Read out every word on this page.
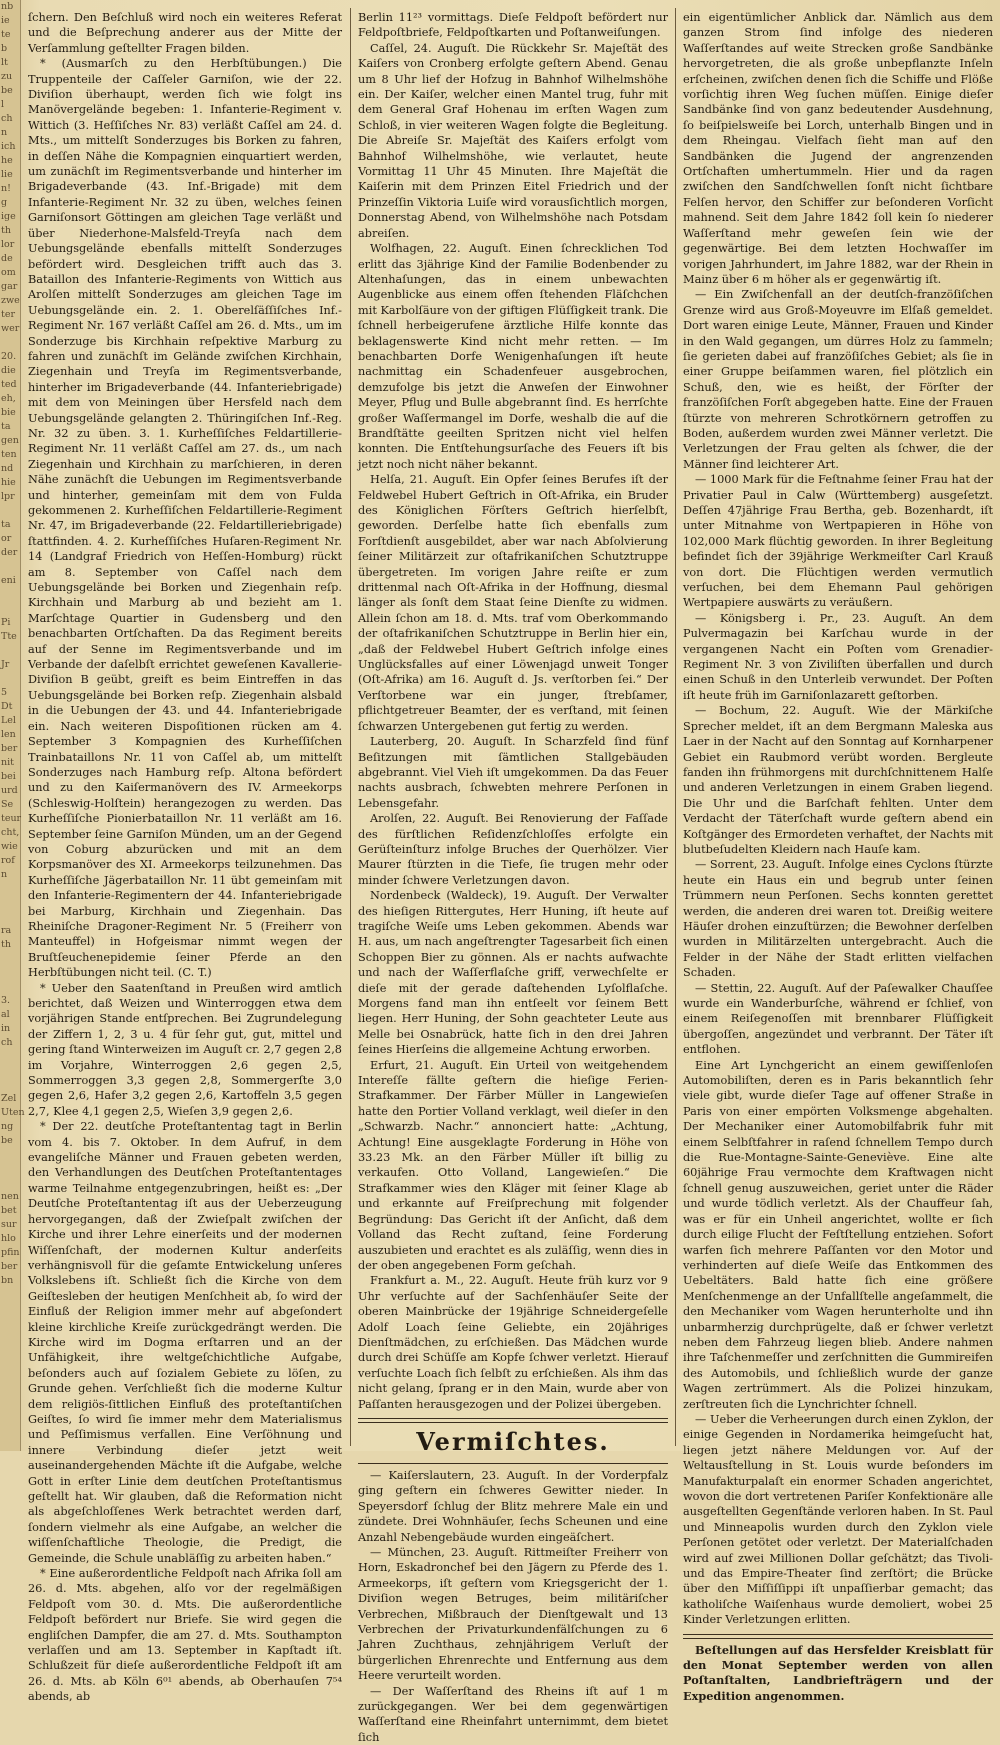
nb
ie
te
b
lt
zu
be
l
ch
n
ich
he
lie
n!
g
ige
th
lor
de
om
gar
zwe
ter
wer

20.
die
ted
eh,
bie
ta
gen
ten
nd
hie
lpr

ta
or
der

eni

Pi
Tte

Jr

5
Dt
Lel
len
ber
nit
bei
urd
Se
teur
cht,
wie
rof
n

ra
th

3.
al
in
ch

Zel
Uten
ng
be

nen
bet
sur
hlo
pfin
ber
bn

ſchern. Den Beſchluß wird noch ein weiteres Referat und die Beſprechung anderer aus der Mitte der Verſammlung geſtellter Fragen bilden.

* (Ausmarſch zu den Herbſtübungen.) Die Truppenteile der Caſſeler Garniſon, wie der 22. Diviſion überhaupt, werden ſich wie folgt ins Manövergelände begeben: 1. Infanterie-Regiment v. Wittich (3. Heſſiſches Nr. 83) verläßt Caſſel am 24. d. Mts., um mittelſt Sonderzuges bis Borken zu fahren, in deſſen Nähe die Kompagnien einquartiert werden, um zunächſt im Regimentsverbande und hinterher im Brigadeverbande (43. Inf.-Brigade) mit dem Infanterie-Regiment Nr. 32 zu üben, welches ſeinen Garniſonsort Göttingen am gleichen Tage verläßt und über Niederhone-Malsfeld-Treyſa nach dem Uebungsgelände ebenfalls mittelſt Sonderzuges befördert wird. Desgleichen trifft auch das 3. Bataillon des Infanterie-Regiments von Wittich aus Arolſen mittelſt Sonderzuges am gleichen Tage im Uebungsgelände ein. 2. 1. Oberelſäſſiſches Inf.-Regiment Nr. 167 verläßt Caſſel am 26. d. Mts., um im Sonderzuge bis Kirchhain reſpektive Marburg zu fahren und zunächſt im Gelände zwiſchen Kirchhain, Ziegenhain und Treyſa im Regimentsverbande, hinterher im Brigadeverbande (44. Infanteriebrigade) mit dem von Meiningen über Hersfeld nach dem Uebungsgelände gelangten 2. Thüringiſchen Inf.-Reg. Nr. 32 zu üben. 3. 1. Kurheſſiſches Feldartillerie-Regiment Nr. 11 verläßt Caſſel am 27. ds., um nach Ziegenhain und Kirchhain zu marſchieren, in deren Nähe zunächſt die Uebungen im Regimentsverbande und hinterher, gemeinſam mit dem von Fulda gekommenen 2. Kurheſſiſchen Feldartillerie-Regiment Nr. 47, im Brigadeverbande (22. Feldartilleriebrigade) ſtattfinden. 4. 2. Kurheſſiſches Huſaren-Regiment Nr. 14 (Landgraf Friedrich von Heſſen-Homburg) rückt am 8. September von Caſſel nach dem Uebungsgelände bei Borken und Ziegenhain reſp. Kirchhain und Marburg ab und bezieht am 1. Marſchtage Quartier in Gudensberg und den benachbarten Ortſchaften. Da das Regiment bereits auf der Senne im Regimentsverbande und im Verbande der daſelbſt errichtet geweſenen Kavallerie-Diviſion B geübt, greift es beim Eintreffen in das Uebungsgelände bei Borken reſp. Ziegenhain alsbald in die Uebungen der 43. und 44. Infanteriebrigade ein. Nach weiteren Dispoſitionen rücken am 4. September 3 Kompagnien des Kurheſſiſchen Trainbataillons Nr. 11 von Caſſel ab, um mittelſt Sonderzuges nach Hamburg reſp. Altona befördert und zu den Kaiſermanövern des IV. Armeekorps (Schleswig-Holſtein) herangezogen zu werden. Das Kurheſſiſche Pionierbataillon Nr. 11 verläßt am 16. September ſeine Garniſon Münden, um an der Gegend von Coburg abzurücken und mit an dem Korpsmanöver des XI. Armeekorps teilzunehmen. Das Kurheſſiſche Jägerbataillon Nr. 11 übt gemeinſam mit den Infanterie-Regimentern der 44. Infanteriebrigade bei Marburg, Kirchhain und Ziegenhain. Das Rheiniſche Dragoner-Regiment Nr. 5 (Freiherr von Manteuffel) in Hofgeismar nimmt wegen der Bruſtſeuchenepidemie ſeiner Pferde an den Herbſtübungen nicht teil. (C. T.)

* Ueber den Saatenſtand in Preußen wird amtlich berichtet, daß Weizen und Winterroggen etwa dem vorjährigen Stande entſprechen. Bei Zugrundelegung der Ziffern 1, 2, 3 u. 4 für ſehr gut, gut, mittel und gering ſtand Winterweizen im Auguſt cr. 2,7 gegen 2,8 im Vorjahre, Winterroggen 2,6 gegen 2,5, Sommerroggen 3,3 gegen 2,8, Sommergerſte 3,0 gegen 2,6, Hafer 3,2 gegen 2,6, Kartoffeln 3,5 gegen 2,7, Klee 4,1 gegen 2,5, Wieſen 3,9 gegen 2,6.

* Der 22. deutſche Proteſtantentag tagt in Berlin vom 4. bis 7. Oktober. In dem Aufruf, in dem evangeliſche Männer und Frauen gebeten werden, den Verhandlungen des Deutſchen Proteſtantentages warme Teilnahme entgegenzubringen, heißt es: „Der Deutſche Proteſtantentag iſt aus der Ueberzeugung hervorgegangen, daß der Zwieſpalt zwiſchen der Kirche und ihrer Lehre einerſeits und der modernen Wiſſenſchaft, der modernen Kultur anderſeits verhängnisvoll für die geſamte Entwickelung unſeres Volkslebens iſt. Schließt ſich die Kirche von dem Geiſtesleben der heutigen Menſchheit ab, ſo wird der Einfluß der Religion immer mehr auf abgeſondert kleine kirchliche Kreiſe zurückgedrängt werden. Die Kirche wird im Dogma erſtarren und an der Unfähigkeit, ihre weltgeſchichtliche Aufgabe, beſonders auch auf ſozialem Gebiete zu löſen, zu Grunde gehen. Verſchließt ſich die moderne Kultur dem religiös-ſittlichen Einfluß des proteſtantiſchen Geiſtes, ſo wird ſie immer mehr dem Materialismus und Peſſimismus verfallen. Eine Verſöhnung und innere Verbindung dieſer jetzt weit auseinandergehenden Mächte iſt die Aufgabe, welche Gott in erſter Linie dem deutſchen Proteſtantismus geſtellt hat. Wir glauben, daß die Reformation nicht als abgeſchloſſenes Werk betrachtet werden darf, ſondern vielmehr als eine Aufgabe, an welcher die wiſſenſchaftliche Theologie, die Predigt, die Gemeinde, die Schule unabläſſig zu arbeiten haben.“

* Eine außerordentliche Feldpoſt nach Afrika ſoll am 26. d. Mts. abgehen, alſo vor der regelmäßigen Feldpoſt vom 30. d. Mts. Die außerordentliche Feldpoſt befördert nur Briefe. Sie wird gegen die engliſchen Dampfer, die am 27. d. Mts. Southampton verlaſſen und am 13. September in Kapſtadt iſt. Schlußzeit für dieſe außerordentliche Feldpoſt iſt am 26. d. Mts. ab Köln 6⁰¹ abends, ab Oberhauſen 7⁵⁴ abends, ab

Berlin 11²³ vormittags. Dieſe Feldpoſt befördert nur Feldpoſtbriefe, Feldpoſtkarten und Poſtanweiſungen.

Caſſel, 24. Auguſt. Die Rückkehr Sr. Majeſtät des Kaiſers von Cronberg erfolgte geſtern Abend. Genau um 8 Uhr lief der Hofzug in Bahnhof Wilhelmshöhe ein. Der Kaiſer, welcher einen Mantel trug, fuhr mit dem General Graf Hohenau im erſten Wagen zum Schloß, in vier weiteren Wagen folgte die Begleitung. Die Abreiſe Sr. Majeſtät des Kaiſers erfolgt vom Bahnhof Wilhelmshöhe, wie verlautet, heute Vormittag 11 Uhr 45 Minuten. Ihre Majeſtät die Kaiſerin mit dem Prinzen Eitel Friedrich und der Prinzeſſin Viktoria Luiſe wird vorausſichtlich morgen, Donnerstag Abend, von Wilhelmshöhe nach Potsdam abreiſen.

Wolfhagen, 22. Auguſt. Einen ſchrecklichen Tod erlitt das 3jährige Kind der Familie Bodenbender zu Altenhaſungen, das in einem unbewachten Augenblicke aus einem offen ſtehenden Fläſchchen mit Karbolſäure von der giftigen Flüſſigkeit trank. Die ſchnell herbeigerufene ärztliche Hilfe konnte das beklagenswerte Kind nicht mehr retten. — Im benachbarten Dorfe Wenigenhaſungen iſt heute nachmittag ein Schadenfeuer ausgebrochen, demzufolge bis jetzt die Anweſen der Einwohner Meyer, Pflug und Bulle abgebrannt ſind. Es herrſchte großer Waſſermangel im Dorfe, weshalb die auf die Brandſtätte geeilten Spritzen nicht viel helfen konnten. Die Entſtehungsurſache des Feuers iſt bis jetzt noch nicht näher bekannt.

Helſa, 21. Auguſt. Ein Opfer ſeines Berufes iſt der Feldwebel Hubert Geſtrich in Oſt-Afrika, ein Bruder des Königlichen Förſters Geſtrich hierſelbſt, geworden. Derſelbe hatte ſich ebenfalls zum Forſtdienſt ausgebildet, aber war nach Abſolvierung ſeiner Militärzeit zur oſtafrikaniſchen Schutztruppe übergetreten. Im vorigen Jahre reiſte er zum drittenmal nach Oſt-Afrika in der Hoffnung, diesmal länger als ſonſt dem Staat ſeine Dienſte zu widmen. Allein ſchon am 18. d. Mts. traf vom Oberkommando der oſtafrikaniſchen Schutztruppe in Berlin hier ein, „daß der Feldwebel Hubert Geſtrich infolge eines Unglücksfalles auf einer Löwenjagd unweit Tonger (Oſt-Afrika) am 16. Auguſt d. Js. verſtorben ſei.“ Der Verſtorbene war ein junger, ſtrebſamer, pflichtgetreuer Beamter, der es verſtand, mit ſeinen ſchwarzen Untergebenen gut fertig zu werden.

Lauterberg, 20. Auguſt. In Scharzfeld ſind fünf Beſitzungen mit ſämtlichen Stallgebäuden abgebrannt. Viel Vieh iſt umgekommen. Da das Feuer nachts ausbrach, ſchwebten mehrere Perſonen in Lebensgefahr.

Arolſen, 22. Auguſt. Bei Renovierung der Faſſade des fürſtlichen Reſidenzſchloſſes erfolgte ein Gerüſteinſturz infolge Bruches der Querhölzer. Vier Maurer ſtürzten in die Tiefe, ſie trugen mehr oder minder ſchwere Verletzungen davon.

Nordenbeck (Waldeck), 19. Auguſt. Der Verwalter des hieſigen Rittergutes, Herr Huning, iſt heute auf tragiſche Weiſe ums Leben gekommen. Abends war H. aus, um nach angeſtrengter Tagesarbeit ſich einen Schoppen Bier zu gönnen. Als er nachts aufwachte und nach der Waſſerflaſche griff, verwechſelte er dieſe mit der gerade daſtehenden Lyſolflaſche. Morgens fand man ihn entſeelt vor ſeinem Bett liegen. Herr Huning, der Sohn geachteter Leute aus Melle bei Osnabrück, hatte ſich in den drei Jahren ſeines Hierſeins die allgemeine Achtung erworben.

Erfurt, 21. Auguſt. Ein Urteil von weitgehendem Intereſſe fällte geſtern die hieſige Ferien-Strafkammer. Der Färber Müller in Langewieſen hatte den Portier Volland verklagt, weil dieſer in den „Schwarzb. Nachr.“ annonciert hatte: „Achtung, Achtung! Eine ausgeklagte Forderung in Höhe von 33.23 Mk. an den Färber Müller iſt billig zu verkaufen. Otto Volland, Langewieſen.“ Die Strafkammer wies den Kläger mit ſeiner Klage ab und erkannte auf Freiſprechung mit folgender Begründung: Das Gericht iſt der Anſicht, daß dem Volland das Recht zuſtand, ſeine Forderung auszubieten und erachtet es als zuläſſig, wenn dies in der oben angegebenen Form geſchah.

Frankfurt a. M., 22. Auguſt. Heute früh kurz vor 9 Uhr verſuchte auf der Sachſenhäuſer Seite der oberen Mainbrücke der 19jährige Schneidergeſelle Adolf Loach ſeine Geliebte, ein 20jähriges Dienſtmädchen, zu erſchießen. Das Mädchen wurde durch drei Schüſſe am Kopfe ſchwer verletzt. Hierauf verſuchte Loach ſich ſelbſt zu erſchießen. Als ihm das nicht gelang, ſprang er in den Main, wurde aber von Paſſanten herausgezogen und der Polizei übergeben.

Vermiſchtes.

— Kaiſerslautern, 23. Auguſt. In der Vorderpfalz ging geſtern ein ſchweres Gewitter nieder. In Speyersdorf ſchlug der Blitz mehrere Male ein und zündete. Drei Wohnhäuſer, ſechs Scheunen und eine Anzahl Nebengebäude wurden eingeäſchert.

— München, 23. Auguſt. Rittmeiſter Freiherr von Horn, Eskadronchef bei den Jägern zu Pferde des 1. Armeekorps, iſt geſtern vom Kriegsgericht der 1. Diviſion wegen Betruges, beim militäriſcher Verbrechen, Mißbrauch der Dienſtgewalt und 13 Verbrechen der Privaturkundenfälſchungen zu 6 Jahren Zuchthaus, zehnjährigem Verluſt der bürgerlichen Ehrenrechte und Entfernung aus dem Heere verurteilt worden.

— Der Waſſerſtand des Rheins iſt auf 1 m zurückgegangen. Wer bei dem gegenwärtigen Waſſerſtand eine Rheinfahrt unternimmt, dem bietet ſich

ein eigentümlicher Anblick dar. Nämlich aus dem ganzen Strom ſind infolge des niederen Waſſerſtandes auf weite Strecken große Sandbänke hervorgetreten, die als große unbepflanzte Inſeln erſcheinen, zwiſchen denen ſich die Schiffe und Flöße vorſichtig ihren Weg ſuchen müſſen. Einige dieſer Sandbänke ſind von ganz bedeutender Ausdehnung, ſo beiſpielsweiſe bei Lorch, unterhalb Bingen und in dem Rheingau. Vielfach ſieht man auf den Sandbänken die Jugend der angrenzenden Ortſchaften umhertummeln. Hier und da ragen zwiſchen den Sandſchwellen ſonſt nicht ſichtbare Felſen hervor, den Schiffer zur beſonderen Vorſicht mahnend. Seit dem Jahre 1842 ſoll kein ſo niederer Waſſerſtand mehr geweſen ſein wie der gegenwärtige. Bei dem letzten Hochwaſſer im vorigen Jahrhundert, im Jahre 1882, war der Rhein in Mainz über 6 m höher als er gegenwärtig iſt.

— Ein Zwiſchenfall an der deutſch-franzöſiſchen Grenze wird aus Groß-Moyeuvre im Elſaß gemeldet. Dort waren einige Leute, Männer, Frauen und Kinder in den Wald gegangen, um dürres Holz zu ſammeln; ſie gerieten dabei auf franzöſiſches Gebiet; als ſie in einer Gruppe beiſammen waren, fiel plötzlich ein Schuß, den, wie es heißt, der Förſter der franzöſiſchen Forſt abgegeben hatte. Eine der Frauen ſtürzte von mehreren Schrotkörnern getroffen zu Boden, außerdem wurden zwei Männer verletzt. Die Verletzungen der Frau gelten als ſchwer, die der Männer ſind leichterer Art.

— 1000 Mark für die Feſtnahme ſeiner Frau hat der Privatier Paul in Calw (Württemberg) ausgeſetzt. Deſſen 47jährige Frau Bertha, geb. Bozenhardt, iſt unter Mitnahme von Wertpapieren in Höhe von 102,000 Mark flüchtig geworden. In ihrer Begleitung befindet ſich der 39jährige Werkmeiſter Carl Krauß von dort. Die Flüchtigen werden vermutlich verſuchen, bei dem Ehemann Paul gehörigen Wertpapiere auswärts zu veräußern.

— Königsberg i. Pr., 23. Auguſt. An dem Pulvermagazin bei Karſchau wurde in der vergangenen Nacht ein Poſten vom Grenadier-Regiment Nr. 3 von Ziviliſten überfallen und durch einen Schuß in den Unterleib verwundet. Der Poſten iſt heute früh im Garniſonlazarett geſtorben.

— Bochum, 22. Auguſt. Wie der Märkiſche Sprecher meldet, iſt an dem Bergmann Maleska aus Laer in der Nacht auf den Sonntag auf Kornharpener Gebiet ein Raubmord verübt worden. Bergleute fanden ihn frühmorgens mit durchſchnittenem Halſe und anderen Verletzungen in einem Graben liegend. Die Uhr und die Barſchaft fehlten. Unter dem Verdacht der Täterſchaft wurde geſtern abend ein Koſtgänger des Ermordeten verhaftet, der Nachts mit blutbeſudelten Kleidern nach Hauſe kam.

— Sorrent, 23. Auguſt. Infolge eines Cyclons ſtürzte heute ein Haus ein und begrub unter ſeinen Trümmern neun Perſonen. Sechs konnten gerettet werden, die anderen drei waren tot. Dreißig weitere Häuſer drohen einzuſtürzen; die Bewohner derſelben wurden in Militärzelten untergebracht. Auch die Felder in der Nähe der Stadt erlitten vielfachen Schaden.

— Stettin, 22. Auguſt. Auf der Paſewalker Chauſſee wurde ein Wanderburſche, während er ſchlief, von einem Reiſegenoſſen mit brennbarer Flüſſigkeit übergoſſen, angezündet und verbrannt. Der Täter iſt entflohen.

Eine Art Lynchgericht an einem gewiſſenloſen Automobiliſten, deren es in Paris bekanntlich ſehr viele gibt, wurde dieſer Tage auf offener Straße in Paris von einer empörten Volksmenge abgehalten. Der Mechaniker einer Automobilfabrik fuhr mit einem Selbſtfahrer in raſend ſchnellem Tempo durch die Rue-Montagne-Sainte-Geneviève. Eine alte 60jährige Frau vermochte dem Kraftwagen nicht ſchnell genug auszuweichen, geriet unter die Räder und wurde tödlich verletzt. Als der Chauffeur ſah, was er für ein Unheil angerichtet, wollte er ſich durch eilige Flucht der Feſtſtellung entziehen. Sofort warfen ſich mehrere Paſſanten vor den Motor und verhinderten auf dieſe Weiſe das Entkommen des Uebeltäters. Bald hatte ſich eine größere Menſchenmenge an der Unfallſtelle angeſammelt, die den Mechaniker vom Wagen herunterholte und ihn unbarmherzig durchprügelte, daß er ſchwer verletzt neben dem Fahrzeug liegen blieb. Andere nahmen ihre Taſchenmeſſer und zerſchnitten die Gummireifen des Automobils, und ſchließlich wurde der ganze Wagen zertrümmert. Als die Polizei hinzukam, zerſtreuten ſich die Lynchrichter ſchnell.

— Ueber die Verheerungen durch einen Zyklon, der einige Gegenden in Nordamerika heimgeſucht hat, liegen jetzt nähere Meldungen vor. Auf der Weltausſtellung in St. Louis wurde beſonders im Manufakturpalaſt ein enormer Schaden angerichtet, wovon die dort vertretenen Pariſer Konfektionäre alle ausgeſtellten Gegenſtände verloren haben. In St. Paul und Minneapolis wurden durch den Zyklon viele Perſonen getötet oder verletzt. Der Materialſchaden wird auf zwei Millionen Dollar geſchätzt; das Tivoli- und das Empire-Theater ſind zerſtört; die Brücke über den Miſſiſſippi iſt unpaſſierbar gemacht; das katholiſche Waiſenhaus wurde demoliert, wobei 25 Kinder Verletzungen erlitten.

Beſtellungen auf das Hersfelder Kreisblatt für den Monat September werden von allen Poſtanſtalten, Landbriefträgern und der Expedition angenommen.
